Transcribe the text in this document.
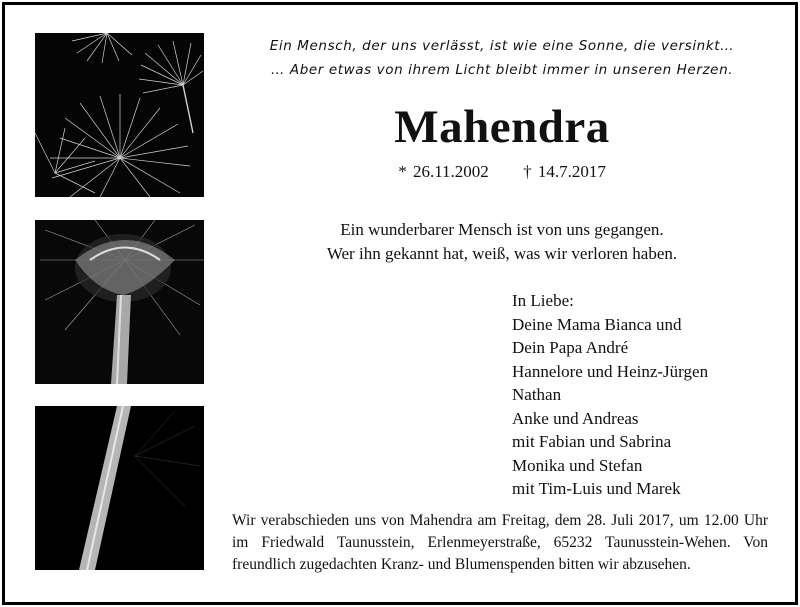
Ein Mensch, der uns verlässt, ist wie eine Sonne, die versinkt…
… Aber etwas von ihrem Licht bleibt immer in unseren Herzen.
Mahendra
* 26.11.2002 † 14.7.2017
Ein wunderbarer Mensch ist von uns gegangen.
Wer ihn gekannt hat, weiß, was wir verloren haben.
In Liebe:
Deine Mama Bianca und
Dein Papa André
Hannelore und Heinz-Jürgen
Nathan
Anke und Andreas
mit Fabian und Sabrina
Monika und Stefan
mit Tim-Luis und Marek
Wir verabschieden uns von Mahendra am Freitag, dem 28. Juli 2017, um 12.00 Uhr im Friedwald Taunusstein, Erlenmeyerstraße, 65232 Taunusstein-Wehen. Von freundlich zugedachten Kranz- und Blumenspenden bitten wir abzusehen.
